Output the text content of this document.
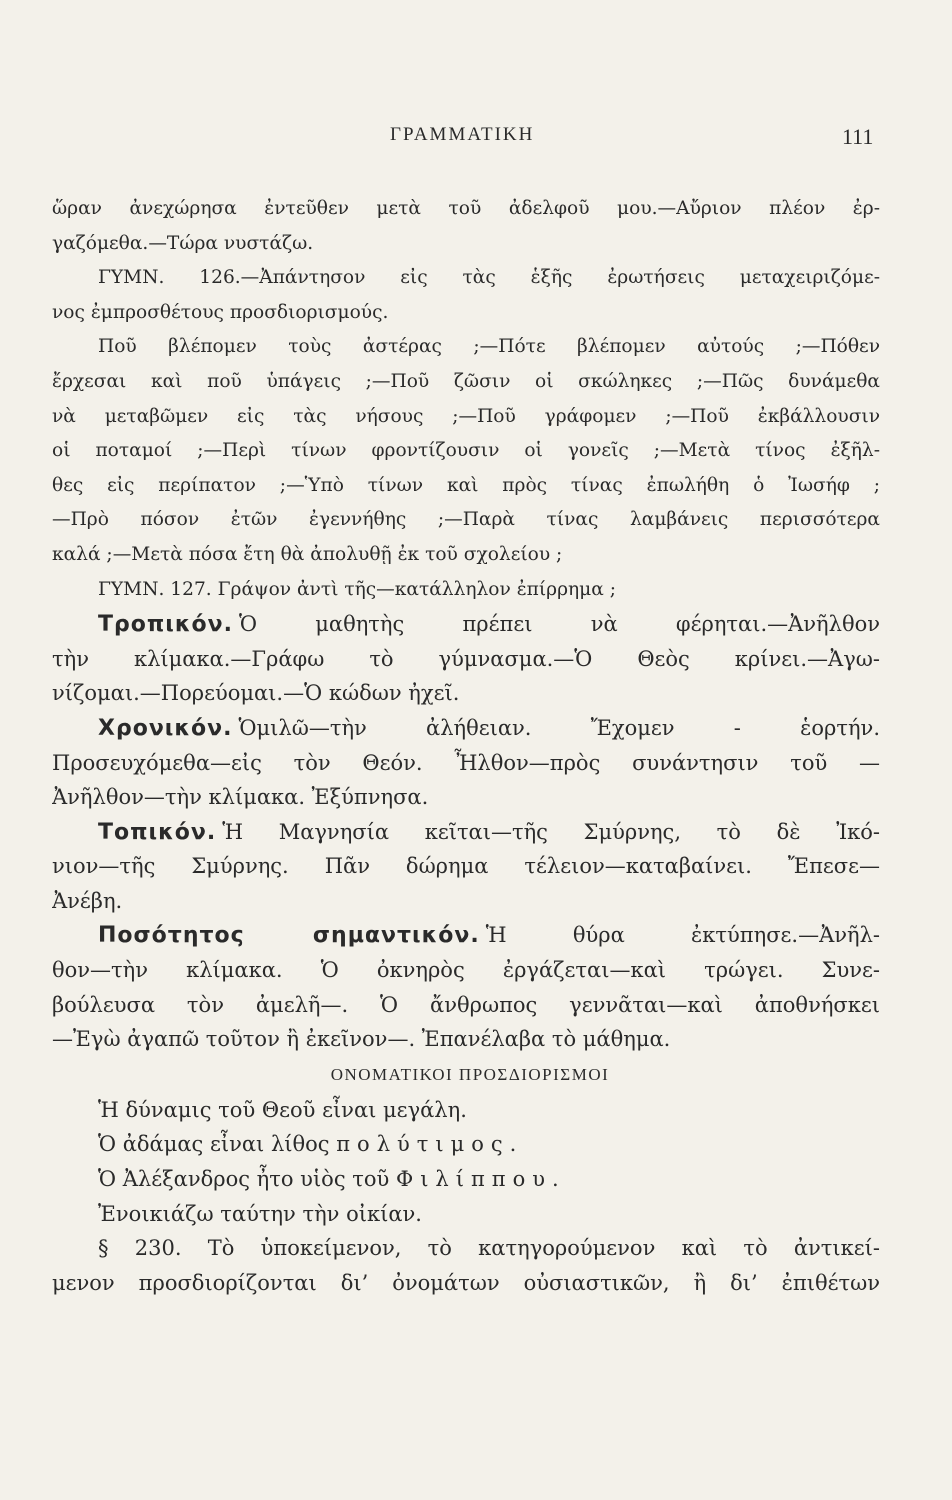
ΓΡΑΜΜΑΤΙΚΗ	111
ὥραν ἀνεχώρησα ἐντεῦθεν μετὰ τοῦ ἀδελφοῦ μου.—Αὔριον πλέον ἐρ-
γαζόμεθα.—Τώρα νυστάζω.
ΓΥΜΝ. 126.—Ἀπάντησον εἰς τὰς ἑξῆς ἐρωτήσεις μεταχειριζόμε-
νος ἐμπροσθέτους προσδιορισμούς.
Ποῦ βλέπομεν τοὺς ἀστέρας ;—Πότε βλέπομεν αὐτούς ;—Πόθεν
ἔρχεσαι καὶ ποῦ ὑπάγεις ;—Ποῦ ζῶσιν οἱ σκώληκες ;—Πῶς δυνάμεθα
νὰ μεταβῶμεν εἰς τὰς νήσους ;—Ποῦ γράφομεν ;—Ποῦ ἐκβάλλουσιν
οἱ ποταμοί ;—Περὶ τίνων φροντίζουσιν οἱ γονεῖς ;—Μετὰ τίνος ἐξῆλ-
θες εἰς περίπατον ;—Ὑπὸ τίνων καὶ πρὸς τίνας ἐπωλήθη ὁ Ἰωσήφ ;
—Πρὸ πόσον ἐτῶν ἐγεννήθης ;—Παρὰ τίνας λαμβάνεις περισσότερα
καλά ;—Μετὰ πόσα ἔτη θὰ ἀπολυθῇ ἐκ τοῦ σχολείου ;
ΓΥΜΝ. 127. Γράψον ἀντὶ τῆς—κατάλληλον ἐπίρρημα ;
Τροπικόν. Ὁ μαθητὴς πρέπει νὰ φέρηται.—Ἀνῆλθον
τὴν κλίμακα.—Γράφω τὸ γύμνασμα.—Ὁ Θεὸς κρίνει.—Ἀγω-
νίζομαι.—Πορεύομαι.—Ὁ κώδων ἠχεῖ.
Χρονικόν. Ὁμιλῶ—τὴν ἀλήθειαν. Ἔχομεν - ἑορτήν.
Προσευχόμεθα—εἰς τὸν Θεόν. Ἦλθον—πρὸς συνάντησιν τοῦ —
Ἀνῆλθον—τὴν κλίμακα. Ἐξύπνησα.
Τοπικόν. Ἡ Μαγνησία κεῖται—τῆς Σμύρνης, τὸ δὲ Ἰκό-
νιον—τῆς Σμύρνης. Πᾶν δώρημα τέλειον—καταβαίνει. Ἔπεσε—
Ἀνέβη.
Ποσότητος σημαντικόν. Ἡ θύρα ἐκτύπησε.—Ἀνῆλ-
θον—τὴν κλίμακα. Ὁ ὀκνηρὸς ἐργάζεται—καὶ τρώγει. Συνε-
βούλευσα τὸν ἀμελῆ—. Ὁ ἄνθρωπος γεννᾶται—καὶ ἀποθνήσκει
—Ἐγὼ ἀγαπῶ τοῦτον ἢ ἐκεῖνον—. Ἐπανέλαβα τὸ μάθημα.
ΟΝΟΜΑΤΙΚΟΙ ΠΡΟΣΔΙΟΡΙΣΜΟΙ
Ἡ δύναμις τοῦ Θεοῦ εἶναι μεγάλη.
Ὁ ἀδάμας εἶναι λίθος πολύτιμος.
Ὁ Ἀλέξανδρος ἦτο υἱὸς τοῦ Φιλίππου.
Ἐνοικιάζω ταύτην τὴν οἰκίαν.
§ 230. Τὸ ὑποκείμενον, τὸ κατηγορούμενον καὶ τὸ ἀντικεί-
μενον προσδιορίζονται δι’ ὀνομάτων οὐσιαστικῶν, ἢ δι’ ἐπιθέτων
